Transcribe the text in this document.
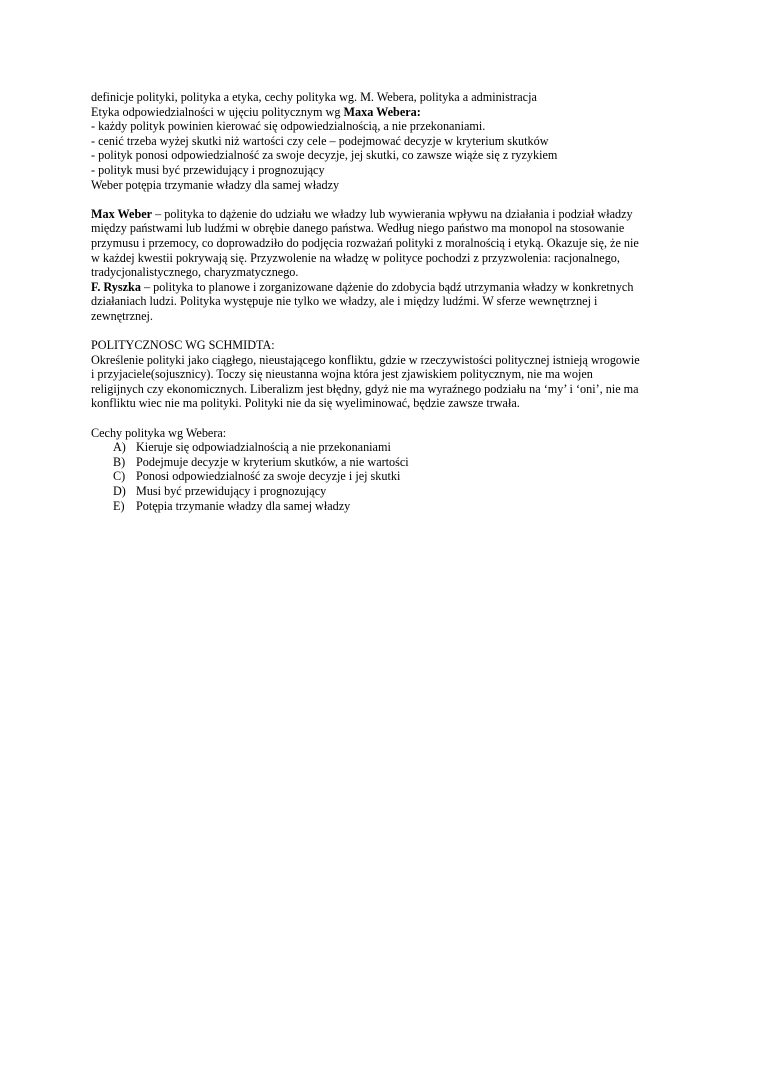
definicje polityki, polityka a etyka, cechy polityka wg. M. Webera, polityka a administracja
Etyka odpowiedzialności w ujęciu politycznym wg Maxa Webera:
- każdy polityk powinien kierować się odpowiedzialnością, a nie przekonaniami.
- cenić trzeba wyżej skutki niż wartości czy cele – podejmować decyzje w kryterium skutków
- polityk ponosi odpowiedzialność za swoje decyzje, jej skutki, co zawsze wiąże się z ryzykiem
- polityk musi być przewidujący i prognozujący
Weber potępia trzymanie władzy dla samej władzy
Max Weber – polityka to dążenie do udziału we władzy lub wywierania wpływu na działania i podział władzy
między państwami lub ludźmi w obrębie danego państwa. Według niego państwo ma monopol na stosowanie
przymusu i przemocy, co doprowadziło do podjęcia rozważań polityki z moralnością i etyką. Okazuje się, że nie
w każdej kwestii pokrywają się. Przyzwolenie na władzę w polityce pochodzi z przyzwolenia: racjonalnego,
tradycjonalistycznego, charyzmatycznego.
F. Ryszka – polityka to planowe i zorganizowane dążenie do zdobycia bądź utrzymania władzy w konkretnych
działaniach ludzi. Polityka występuje nie tylko we władzy, ale i między ludźmi. W sferze wewnętrznej i
zewnętrznej.
POLITYCZNOSC WG SCHMIDTA:
Określenie polityki jako ciągłego, nieustającego konfliktu, gdzie w rzeczywistości politycznej istnieją wrogowie
i przyjaciele(sojusznicy). Toczy się nieustanna wojna która jest zjawiskiem politycznym, nie ma wojen
religijnych czy ekonomicznych. Liberalizm jest błędny, gdyż nie ma wyraźnego podziału na ‘my’ i ‘oni’, nie ma
konfliktu wiec nie ma polityki. Polityki nie da się wyeliminować, będzie zawsze trwała.
Cechy polityka wg Webera:
A) Kieruje się odpowiadzialnością a nie przekonaniami
B) Podejmuje decyzje w kryterium skutków, a nie wartości
C) Ponosi odpowiedzialność za swoje decyzje i jej skutki
D) Musi być przewidujący i prognozujący
E) Potępia trzymanie władzy dla samej władzy
